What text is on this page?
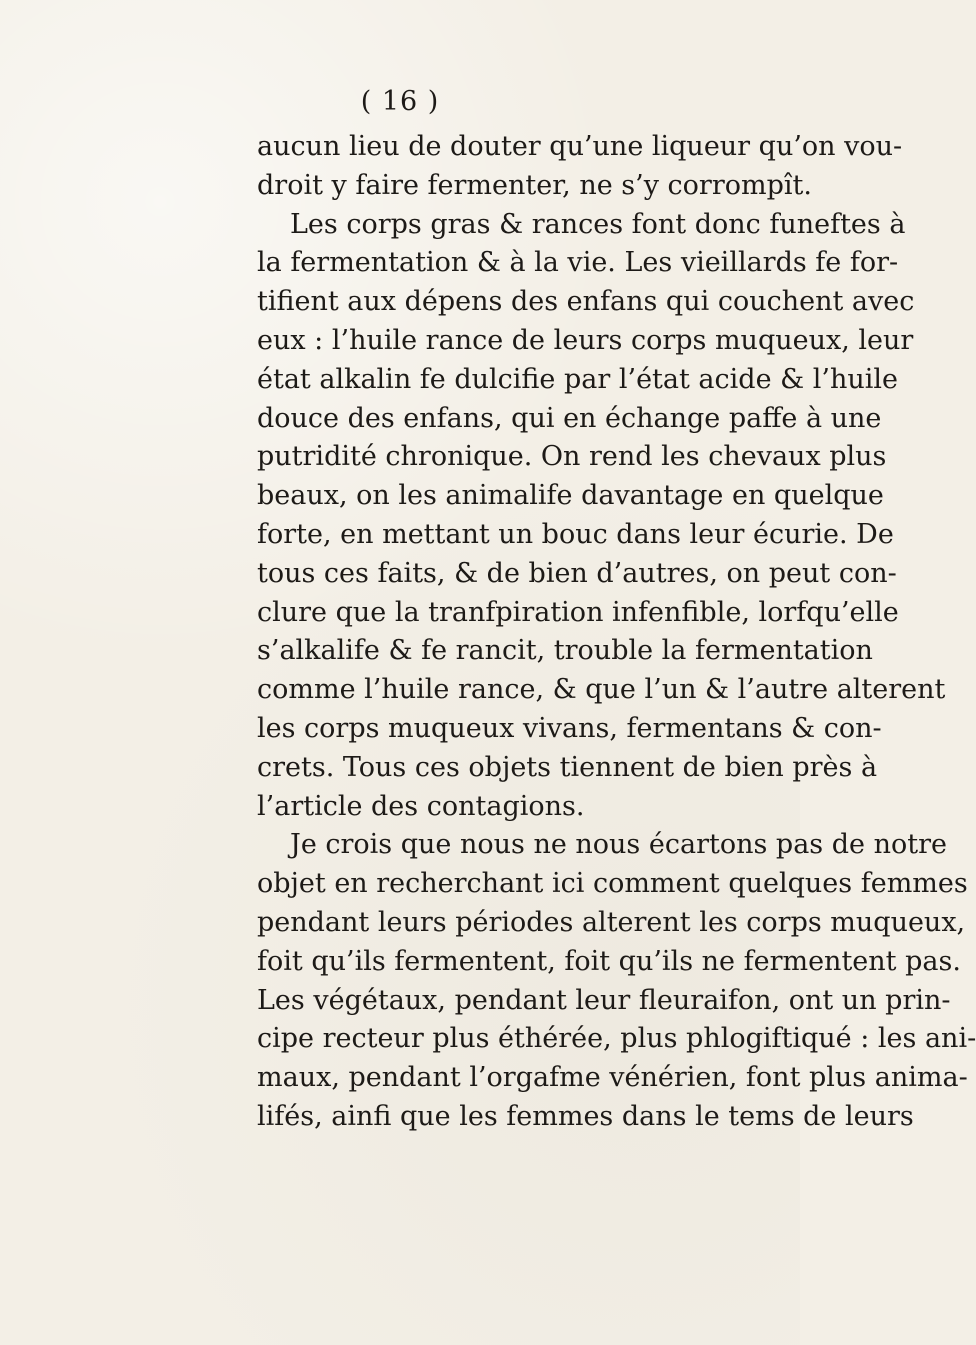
( 16 )
aucun lieu de douter qu’une liqueur qu’on vou-
droit y faire fermenter, ne s’y corrompît.
Les corps gras & rances font donc funeftes à
la fermentation & à la vie. Les vieillards fe for-
tifient aux dépens des enfans qui couchent avec
eux : l’huile rance de leurs corps muqueux, leur
état alkalin fe dulcifie par l’état acide & l’huile
douce des enfans, qui en échange paffe à une
putridité chronique. On rend les chevaux plus
beaux, on les animalife davantage en quelque
forte, en mettant un bouc dans leur écurie. De
tous ces faits, & de bien d’autres, on peut con-
clure que la tranfpiration infenfible, lorfqu’elle
s’alkalife & fe rancit, trouble la fermentation
comme l’huile rance, & que l’un & l’autre alterent
les corps muqueux vivans, fermentans & con-
crets. Tous ces objets tiennent de bien près à
l’article des contagions.
Je crois que nous ne nous écartons pas de notre
objet en recherchant ici comment quelques femmes
pendant leurs périodes alterent les corps muqueux,
foit qu’ils fermentent, foit qu’ils ne fermentent pas.
Les végétaux, pendant leur fleuraifon, ont un prin-
cipe recteur plus éthérée, plus phlogiftiqué : les ani-
maux, pendant l’orgafme vénérien, font plus anima-
lifés, ainfi que les femmes dans le tems de leurs
